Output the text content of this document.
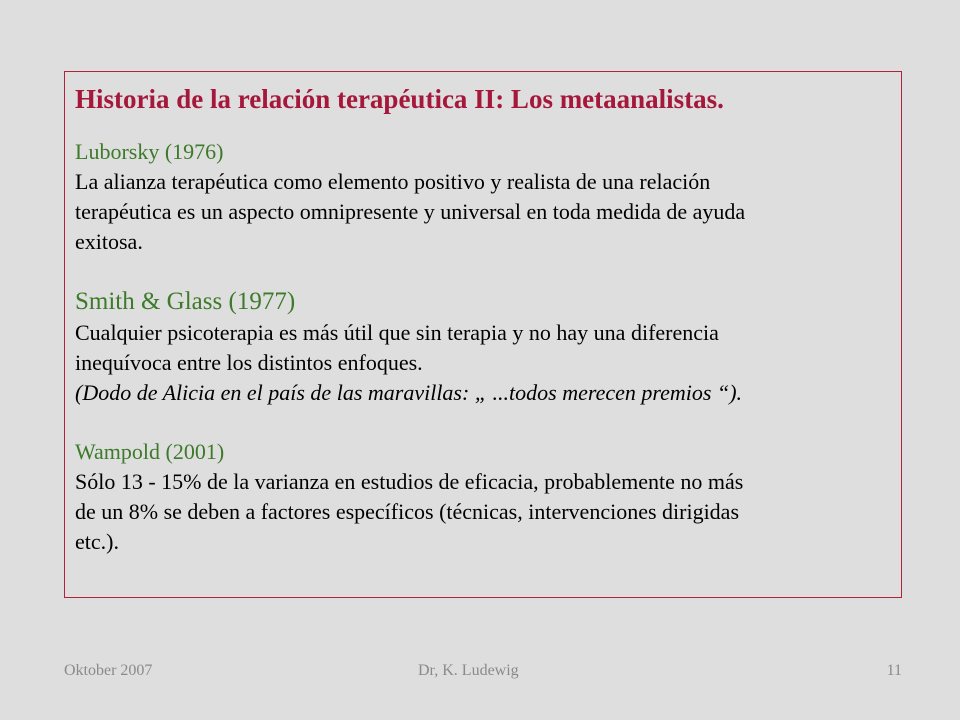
Historia de la relación terapéutica II: Los metaanalistas.

Luborsky (1976)

La alianza terapéutica como elemento positivo y realista de una relación

terapéutica es un aspecto omnipresente y universal en toda medida de ayuda

exitosa.

Smith & Glass (1977)

Cualquier psicoterapia es más útil que sin terapia y no hay una diferencia

inequívoca entre los distintos enfoques.

(Dodo de Alicia en el país de las maravillas: „ ...todos merecen premios “).

Wampold (2001)

Sólo 13 - 15% de la varianza en estudios de eficacia, probablemente no más

de un 8% se deben a factores específicos (técnicas, intervenciones dirigidas

etc.).

Oktober 2007	Dr, K. Ludewig	11
